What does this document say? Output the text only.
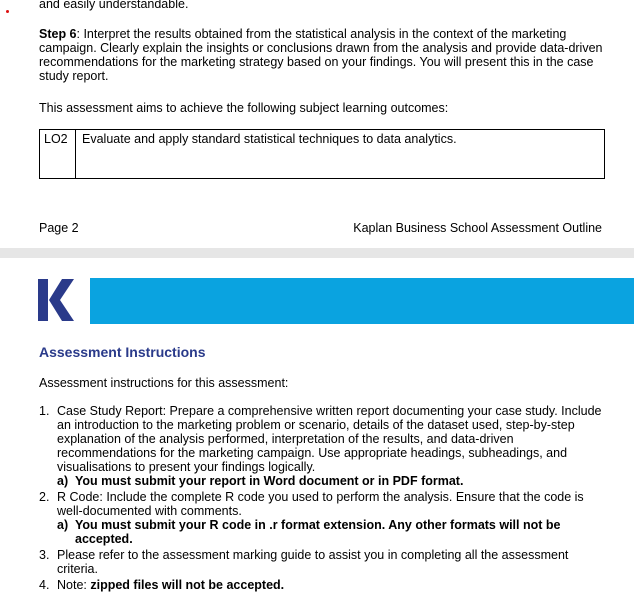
and easily understandable.
Step 6: Interpret the results obtained from the statistical analysis in the context of the marketing campaign. Clearly explain the insights or conclusions drawn from the analysis and provide data-driven recommendations for the marketing strategy based on your findings. You will present this in the case study report.
This assessment aims to achieve the following subject learning outcomes:
LO2	Evaluate and apply standard statistical techniques to data analytics.
Page 2	Kaplan Business School Assessment Outline
Assessment Instructions
Assessment instructions for this assessment:
1. Case Study Report: Prepare a comprehensive written report documenting your case study. Include an introduction to the marketing problem or scenario, details of the dataset used, step-by-step explanation of the analysis performed, interpretation of the results, and data-driven recommendations for the marketing campaign. Use appropriate headings, subheadings, and visualisations to present your findings logically.
a) You must submit your report in Word document or in PDF format.
2. R Code: Include the complete R code you used to perform the analysis. Ensure that the code is well-documented with comments.
a) You must submit your R code in .r format extension. Any other formats will not be accepted.
3. Please refer to the assessment marking guide to assist you in completing all the assessment criteria.
4. Note: zipped files will not be accepted.
